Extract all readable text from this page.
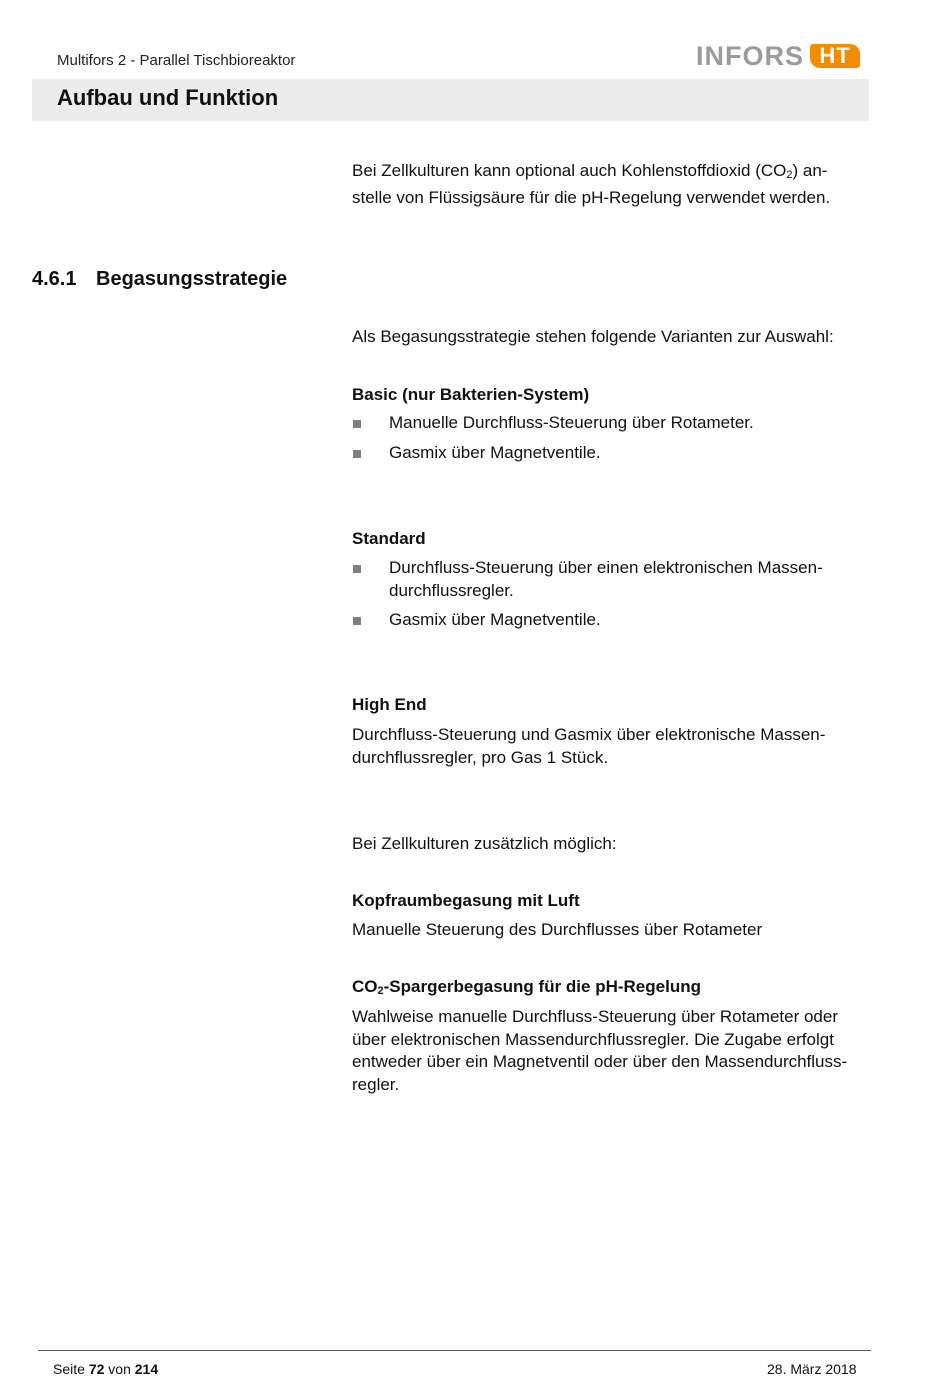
Multifors 2 - Parallel Tischbioreaktor	INFORS HT
Aufbau und Funktion
Bei Zellkulturen kann optional auch Kohlenstoffdioxid $(CO_2)$ an-stelle von Flüssigsäure für die pH-Regelung verwendet werden.
4.6.1 Begasungsstrategie
Als Begasungsstrategie stehen folgende Varianten zur Auswahl:
Basic (nur Bakterien-System)
Manuelle Durchfluss-Steuerung über Rotameter.
Gasmix über Magnetventile.
Standard
Durchfluss-Steuerung über einen elektronischen Massen-durchflussregler.
Gasmix über Magnetventile.
High End
Durchfluss-Steuerung und Gasmix über elektronische Massen-durchflussregler, pro Gas 1 Stück.
Bei Zellkulturen zusätzlich möglich:
Kopfraumbegasung mit Luft
Manuelle Steuerung des Durchflusses über Rotameter
$CO_2$-Spargerbegasung für die pH-Regelung
Wahlweise manuelle Durchfluss-Steuerung über Rotameter oder über elektronischen Massendurchflussregler. Die Zugabe erfolgt entweder über ein Magnetventil oder über den Massendurchfluss-regler.
Seite 72 von 214	28. März 2018
